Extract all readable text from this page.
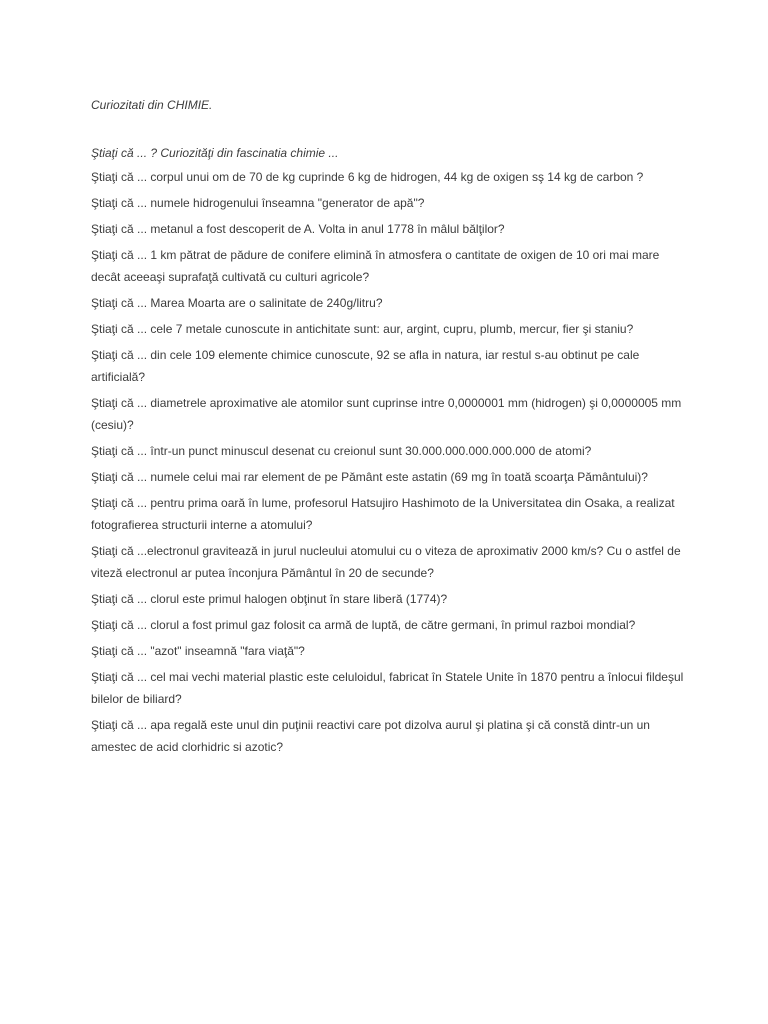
Curiozitati din CHIMIE.

Ştiaţi că ... ? Curiozităţi din fascinatia chimie ...

Ştiaţi că ... corpul unui om de 70 de kg cuprinde 6 kg de hidrogen, 44 kg de oxigen sş 14 kg de carbon ?

Ştiaţi că ... numele hidrogenului înseamna "generator de apă"?

Ştiaţi că ... metanul a fost descoperit de A. Volta in anul 1778 în mâlul bălţilor?

Ştiaţi că ... 1 km pătrat de pădure de conifere elimină în atmosfera o cantitate de oxigen de 10 ori mai mare decât aceeaşi suprafaţă cultivată cu culturi agricole?

Ştiaţi că ... Marea Moarta are o salinitate de 240g/litru?

Ştiaţi că ... cele 7 metale cunoscute in antichitate sunt: aur, argint, cupru, plumb, mercur, fier şi staniu?

Ştiaţi că ... din cele 109 elemente chimice cunoscute, 92 se afla in natura, iar restul s-au obtinut pe cale artificială?

Ştiaţi că ... diametrele aproximative ale atomilor sunt cuprinse intre 0,0000001 mm (hidrogen) şi 0,0000005 mm (cesiu)?

Ştiaţi că ... într-un punct minuscul desenat cu creionul sunt 30.000.000.000.000.000 de atomi?

Ştiaţi că ... numele celui mai rar element de pe Pământ este astatin (69 mg în toată scoarţa Pământului)?

Ştiaţi că ... pentru prima oară în lume, profesorul Hatsujiro Hashimoto de la Universitatea din Osaka, a realizat fotografierea structurii interne a atomului?

Ştiaţi că ...electronul gravitează in jurul nucleului atomului cu o viteza de aproximativ 2000 km/s? Cu o astfel de viteză electronul ar putea înconjura Pământul în 20 de secunde?

Ştiaţi că ... clorul este primul halogen obţinut în stare liberă (1774)?

Ştiaţi că ... clorul a fost primul gaz folosit ca armă de luptă, de către germani, în primul razboi mondial?

Ştiaţi că ... "azot" inseamnă "fara viaţă"?

Ştiaţi că ... cel mai vechi material plastic este celuloidul, fabricat în Statele Unite în 1870 pentru a înlocui fildeşul bilelor de biliard?

Ştiaţi că ... apa regală este unul din puţinii reactivi care pot dizolva aurul şi platina şi că constă dintr-un un amestec de acid clorhidric si azotic?
